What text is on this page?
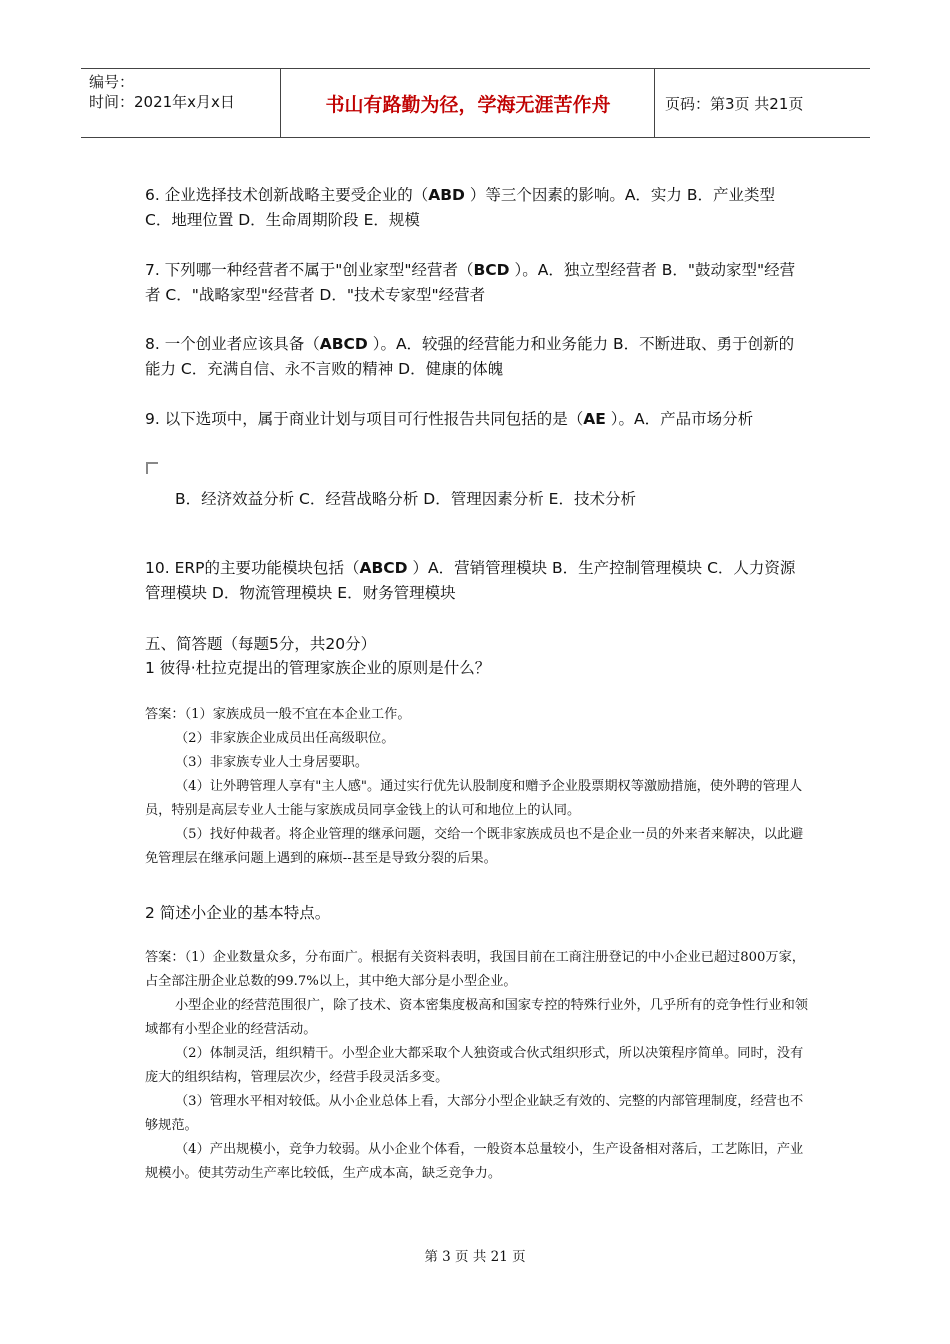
编号：
时间：2021年x月x日	书山有路勤为径，学海无涯苦作舟	页码：第3页 共21页
6. 企业选择技术创新战略主要受企业的（ABD ）等三个因素的影响。A．实力 B．产业类型 C．地理位置 D．生命周期阶段 E．规模
7. 下列哪一种经营者不属于"创业家型"经营者（BCD ）。A．独立型经营者 B．"鼓动家型"经营者 C．"战略家型"经营者 D．"技术专家型"经营者
8. 一个创业者应该具备（ABCD ）。A．较强的经营能力和业务能力 B．不断进取、勇于创新的能力 C．充满自信、永不言败的精神 D．健康的体魄
9. 以下选项中，属于商业计划与项目可行性报告共同包括的是（AE ）。A．产品市场分析
B．经济效益分析 C．经营战略分析 D．管理因素分析 E．技术分析
10. ERP的主要功能模块包括（ABCD ）A．营销管理模块 B．生产控制管理模块 C．人力资源管理模块 D．物流管理模块 E．财务管理模块
五、简答题（每题5分，共20分）
1 彼得·杜拉克提出的管理家族企业的原则是什么？

答案：（1）家族成员一般不宜在本企业工作。

（2）非家族企业成员出任高级职位。

（3）非家族专业人士身居要职。

（4）让外聘管理人享有"主人感"。通过实行优先认股制度和赠予企业股票期权等激励措施，使外聘的管理人员，特别是高层专业人士能与家族成员同享金钱上的认可和地位上的认同。

（5）找好仲裁者。将企业管理的继承问题，交给一个既非家族成员也不是企业一员的外来者来解决，以此避免管理层在继承问题上遇到的麻烦--甚至是导致分裂的后果。

2 简述小企业的基本特点。

答案：（1）企业数量众多，分布面广。根据有关资料表明，我国目前在工商注册登记的中小企业已超过800万家，占全部注册企业总数的99.7%以上，其中绝大部分是小型企业。

小型企业的经营范围很广，除了技术、资本密集度极高和国家专控的特殊行业外，几乎所有的竞争性行业和领域都有小型企业的经营活动。

（2）体制灵活，组织精干。小型企业大都采取个人独资或合伙式组织形式，所以决策程序简单。同时，没有庞大的组织结构，管理层次少，经营手段灵活多变。

（3）管理水平相对较低。从小企业总体上看，大部分小型企业缺乏有效的、完整的内部管理制度，经营也不够规范。

（4）产出规模小，竞争力较弱。从小企业个体看，一般资本总量较小，生产设备相对落后，工艺陈旧，产业规模小。使其劳动生产率比较低，生产成本高，缺乏竞争力。

第 3 页 共 21 页
